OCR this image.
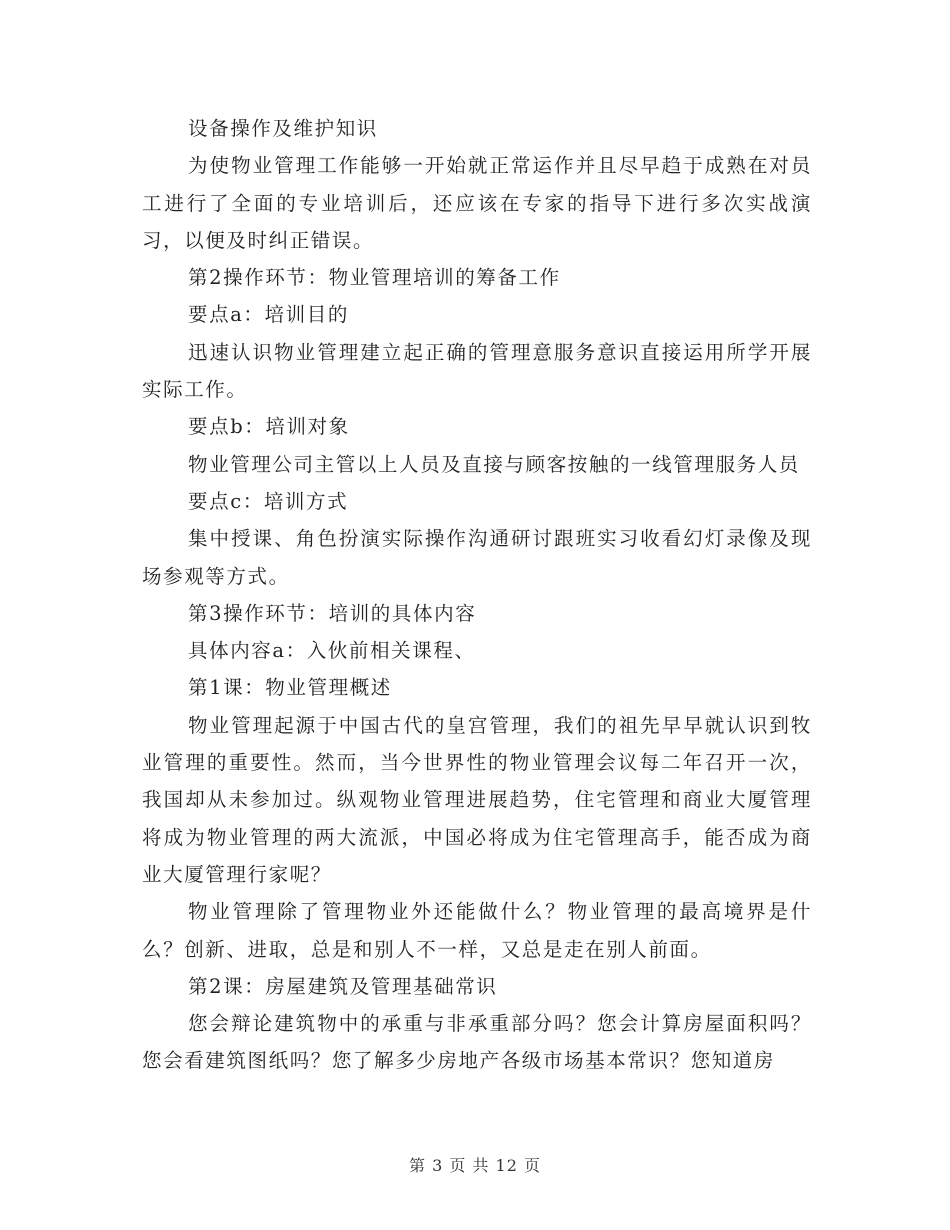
设备操作及维护知识

为使物业管理工作能够一开始就正常运作并且尽早趋于成熟在对员工进行了全面的专业培训后，还应该在专家的指导下进行多次实战演习，以便及时纠正错误。

第2操作环节：物业管理培训的筹备工作

要点a：培训目的

迅速认识物业管理建立起正确的管理意服务意识直接运用所学开展实际工作。

要点b：培训对象

物业管理公司主管以上人员及直接与顾客按触的一线管理服务人员

要点c：培训方式

集中授课、角色扮演实际操作沟通研讨跟班实习收看幻灯录像及现场参观等方式。

第3操作环节：培训的具体内容

具体内容a：入伙前相关课程、

第1课：物业管理概述

物业管理起源于中国古代的皇宫管理，我们的祖先早早就认识到牧业管理的重要性。然而，当今世界性的物业管理会议每二年召开一次，我国却从未参加过。纵观物业管理进展趋势，住宅管理和商业大厦管理将成为物业管理的两大流派，中国必将成为住宅管理高手，能否成为商业大厦管理行家呢？

物业管理除了管理物业外还能做什么？物业管理的最高境界是什么？创新、进取，总是和别人不一样，又总是走在别人前面。

第2课：房屋建筑及管理基础常识

您会辩论建筑物中的承重与非承重部分吗？您会计算房屋面积吗？您会看建筑图纸吗？您了解多少房地产各级市场基本常识？您知道房

第 3 页 共 12 页
